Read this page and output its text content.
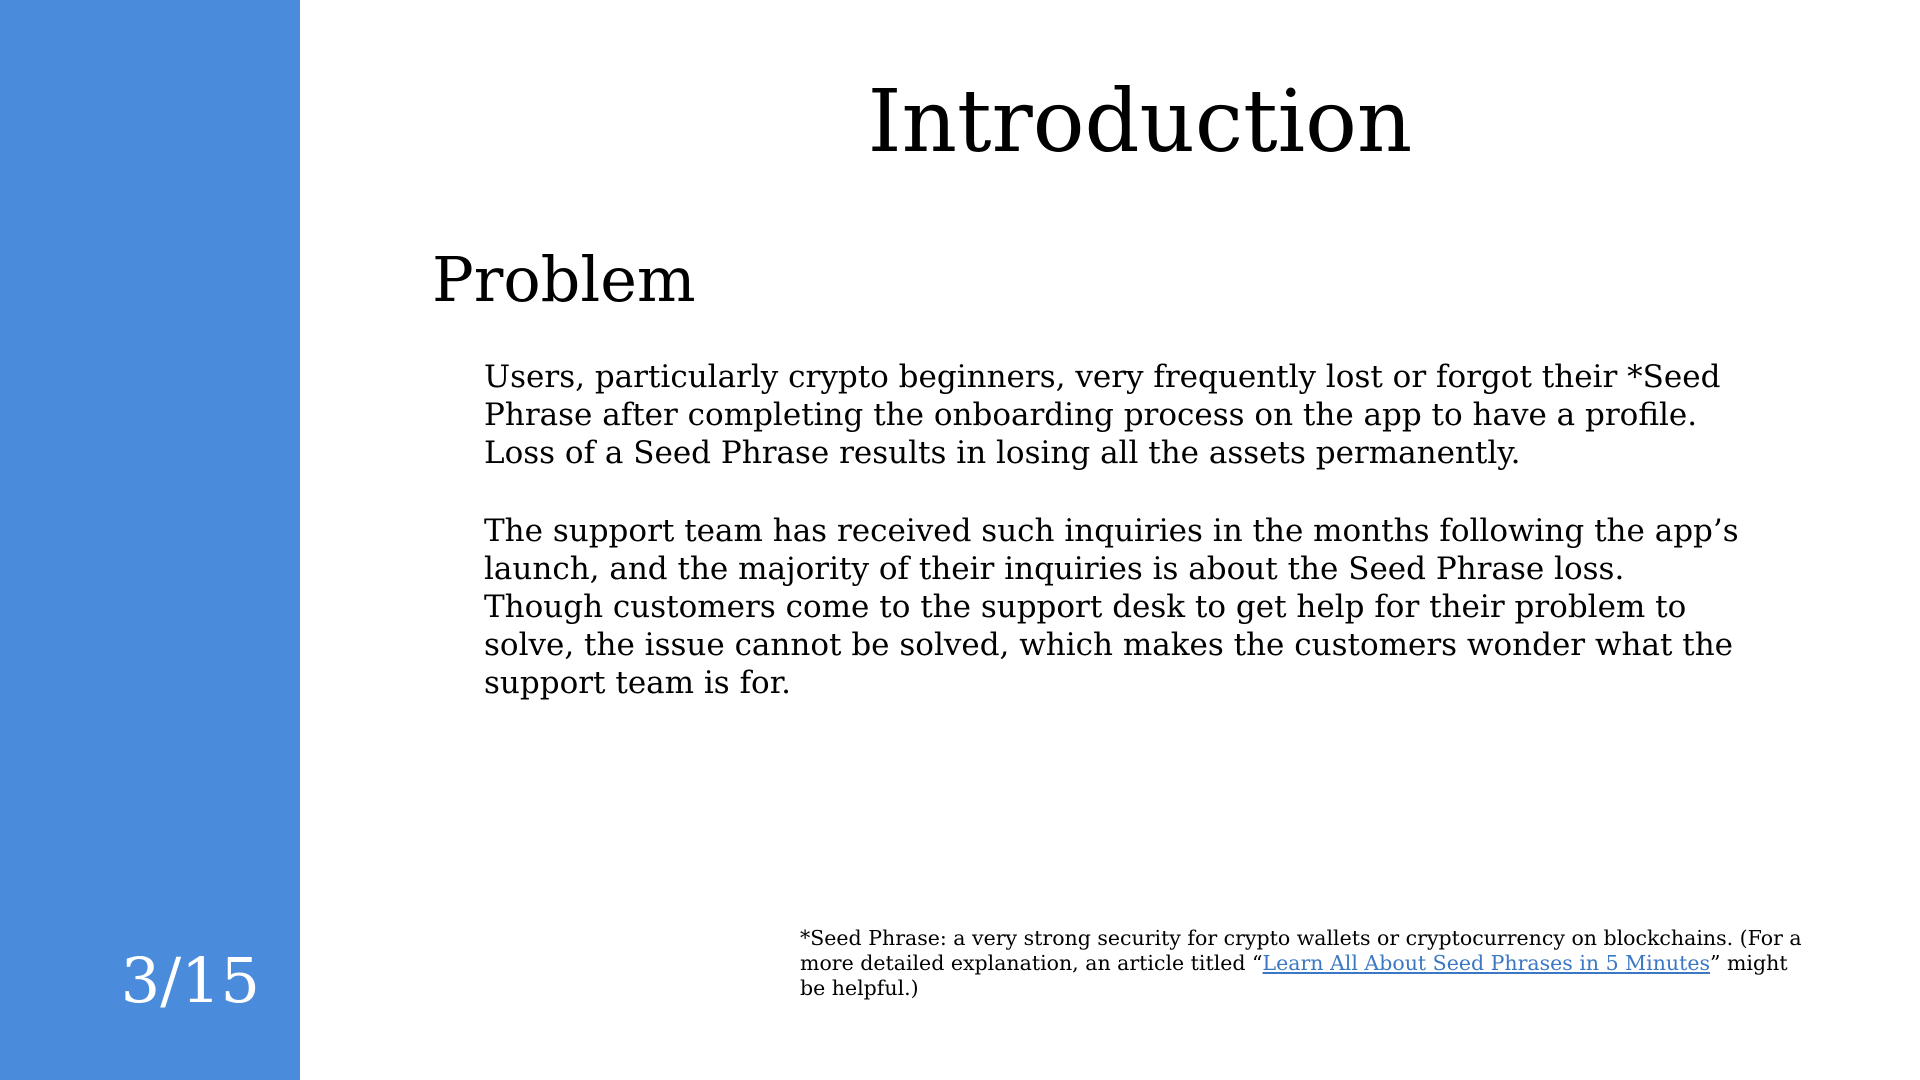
3/15
Introduction
Problem

Users, particularly crypto beginners, very frequently lost or forgot their *Seed Phrase after completing the onboarding process on the app to have a profile. Loss of a Seed Phrase results in losing all the assets permanently.

The support team has received such inquiries in the months following the app’s launch, and the majority of their inquiries is about the Seed Phrase loss. Though customers come to the support desk to get help for their problem to solve, the issue cannot be solved, which makes the customers wonder what the support team is for.

*Seed Phrase: a very strong security for crypto wallets or cryptocurrency on blockchains. (For a more detailed explanation, an article titled “Learn All About Seed Phrases in 5 Minutes” might be helpful.)
